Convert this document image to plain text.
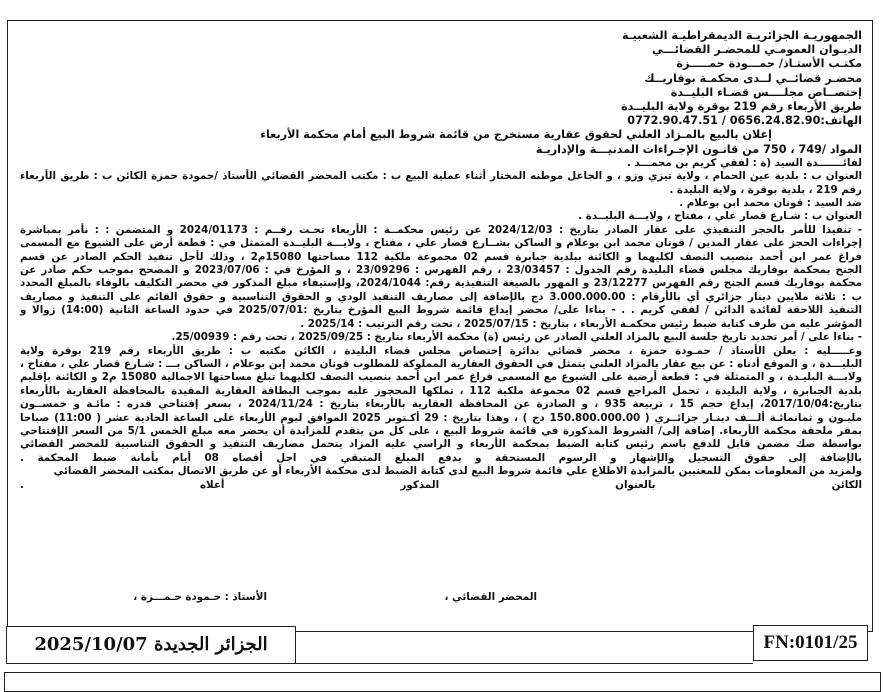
الجمهوريـة الجزائريـة الديمقراطيـة الشعبيـة
الديـوان العمومـي للمحضـر القضائـــي
مكتـب الأستـاذ/ حمـــودة حمـــــزة
محضـر قضائــي لــدى محكمـة بوفاريــك
إختصــاص مجلــــس قضـاء البليــدة
طريق الأربعاء رقم 219 بوقرة ولاية البليــدة
الهاتف:0656.24.82.90 / 0772.90.47.51
إعلان بالبيع بالمـزاد العلني لحقوق عقارية مستخرج من قائمة شروط البيع أمام محكمة الأربعاء
المواد /749 ، 750 من قانـون الإجـراءات المدنيـــة والإداريـة
لفائـــــــدة السيد (ة : لفقي كريم بن محمـــد .
العنوان ب : بلدية عين الحمام ، ولاية تيزي وزو ، و الجاعل موطنه المختار أثناء عملية البيع ب : مكتب المحضر القضائي الأستاذ /حمودة حمزة الكائن ب : طريق الأربعاء
رقم 219 ، بلدية بوقرة ، ولاية البليدة .
ضد السيد : قونان محمد ابن بوعلام .
العنوان ب : شـارع قصار علي ، مفتاح ، ولايـــة البليــدة .
- تنفيذا للأمر بالحجز التنفيذي على عقار الصادر بتاريخ : 2024/12/03 عن رئيس محكمــة : الأربعاء تحـت رقــم : 2024/01173 و المتضمن : : نأمر بمباشرة
إجراءات الحجز على عقار المدين / قونان محمد ابن بوعلام و الساكن بشــارع قصار علي ، مفتاح ، ولايـــة البليــدة المتمثل في : قطعة أرض على الشيوع مع المسمى
فراغ عمر ابن أحمد بنصيب النصف لكليهما و الكائنة ببلدية جبابرة قسم 02 مجموعة ملكية 112 مساحتها 15080م2 ، وذلك لأجل تنفيذ الحكم الصادر عن قسم
الجنح بمحكمة بوفاريك مجلس قضاء البليدة رقم الجدول : 23/03457 ، رقم الفهرس : 23/09296 ، و المؤرخ في : 2023/07/06 و المصحح بموجب حكم صادر عن
محكمة بوفاريك قسم الجنح رقم الفهرس 23/12277 و المهور بالصيغة التنفيذية رقم: 2024/1044، ولإستيفاء مبلغ المذكور في محضر التكليف بالوفاء بالمبلغ المحدد
ب : ثلاثة ملايين دينار جزائري أي بالأرقام : 3.000.000.00 دج بالإضافة إلى مصاريف التنفيذ الودي و الحقوق التناسبية و حقوق القائم على التنفيذ و مصاريف
التنفيذ اللاحقة لفائدة الدائن / لفقي كريم . . - بناءا على/ محضر إيداع قائمة شروط البيع المؤرخ بتاريخ :2025/07/01 في حدود الساعة الثانية (14:00) زوالا و
المؤشر عليه من طرف كتابة ضبط رئيس محكمـة الأربعاء ، بتاريخ : 2025/07/15 ، تحت رقم الترتيب : 2025/14 .
- بناءا على / أمر تحديد تاريخ جلسة البيع بالمزاد العلني الصادر عن رئيس (ة) محكمة الأربعاء بتاريخ : 2025/09/25 ، تحت رقم : 25/00939.
وعـــــليه : يعلن الأستاذ / حمـودة حمزة ، محضر قضائي بدائرة إختصاص مجلس قضاء البليدة ، الكائن مكتبه ب : طريق الأربعاء رقم 219 بوقرة ولاية
البليـــدة ، و الموقع أدناه : عن بيع عقار بالمزاد العلني يتمثل في الحقوق العقارية المملوكة للمطلوب قونان محمد إبن بوعلام ، الساكن بـــ : شـارع قصار علي ، مفتاح ،
ولايـــة البليـدة ، و المتمثلة في : قطعة أرضية على الشيوع مع المسمى فراغ عمر ابن أحمد بنصيب النصف لكليهما تبلغ مساحتها الاجمالية 15080 م2 و الكائنة بإقليم
بلدية الجبابرة ، ولاية البليدة ، تحمل المراجع قسم 02 مجموعة ملكية 112 ، تملكها المحجوز عليه بموجب البطاقة العقارية المقيدة بالمحافظة العقارية بالأربعاء
بتاريخ:2017/10/04، إيداع حجم 15 ، تربيعة 935 ، و الصادرة عن المحافظة العقارية بالأربعاء بتاريخ : 2024/11/24 ، بسعر إفتتاحي قدره : مائـة و خمســون
مليـون و ثمانمائـة ألـــف دينـار جزائــري ( 150.800.000.00 دج ) ، وهذا بتاريخ : 29 أكـتوبر 2025 الموافق ليوم الأربعاء على الساعة الحادية عشر ( 11:00) صباحا
بمقر ملحقة محكمة الأربعاء. إضافة إلى/ الشروط المذكورة في قائمة شروط البيع ، على كل من يتقدم للمزايدة أن يحضر معه مبلغ الخمس 5/1 من السعر الإفتتاحي
بواسطة صك مضمن قابل للدفع باسم رئيس كتابة الضبط بمحكمة الأربعاء و الراسي عليه المزاد يتحمل مصاريف التنفيذ و الحقوق التناسبية للمحضر القضائي
بالإضافة إلى حقوق التسجيل والإشهار و الرسوم المستحقة و يدفع المبلغ المتبقي في اجل أقصاه 08 أيام بأمانة ضبط المحكمة .
ولمزيد من المعلومات يمكن للمعنيين بالمزايدة الاطلاع علي قائمة شروط البيع لدى كتابة الضبط لدى محكمة الأربعاء أو عن طريق الاتصال بمكتب المحضر القضائي
الكائن بالعنوان المذكور أعلاه .
المحضر القضائي ،
الأستاذ : حـمودة حـمـــزة ،
الجزائر الجديدة 2025/10/07	FN:0101/25
